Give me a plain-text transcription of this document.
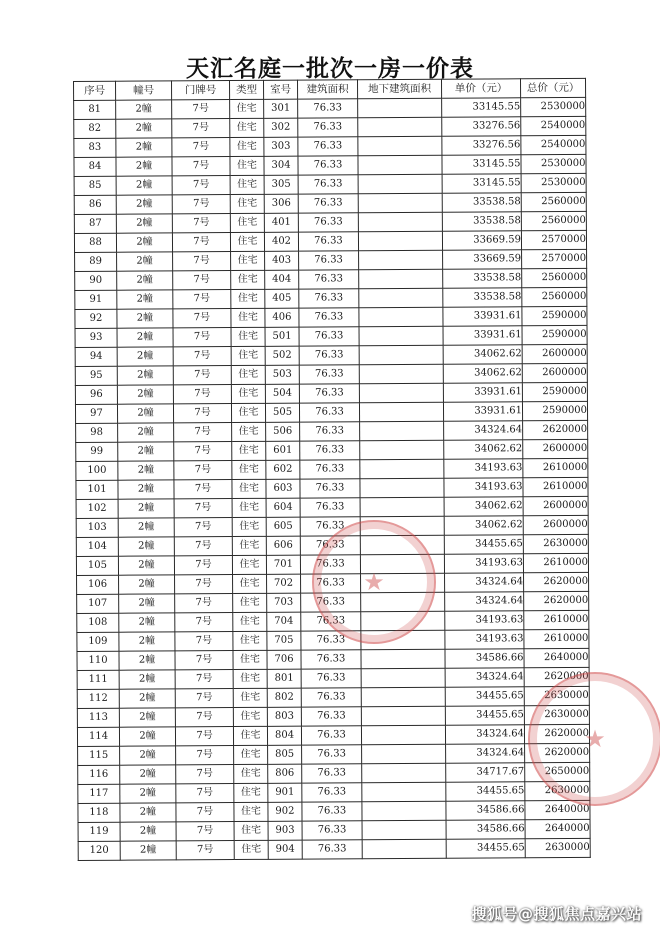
天汇名庭一批次一房一价表
序号	幢号	门牌号	类型	室号	建筑面积	地下建筑面积	单价（元）	总价（元）
81	2幢	7号	住宅	301	76.33		33145.55	2530000
82	2幢	7号	住宅	302	76.33		33276.56	2540000
83	2幢	7号	住宅	303	76.33		33276.56	2540000
84	2幢	7号	住宅	304	76.33		33145.55	2530000
85	2幢	7号	住宅	305	76.33		33145.55	2530000
86	2幢	7号	住宅	306	76.33		33538.58	2560000
87	2幢	7号	住宅	401	76.33		33538.58	2560000
88	2幢	7号	住宅	402	76.33		33669.59	2570000
89	2幢	7号	住宅	403	76.33		33669.59	2570000
90	2幢	7号	住宅	404	76.33		33538.58	2560000
91	2幢	7号	住宅	405	76.33		33538.58	2560000
92	2幢	7号	住宅	406	76.33		33931.61	2590000
93	2幢	7号	住宅	501	76.33		33931.61	2590000
94	2幢	7号	住宅	502	76.33		34062.62	2600000
95	2幢	7号	住宅	503	76.33		34062.62	2600000
96	2幢	7号	住宅	504	76.33		33931.61	2590000
97	2幢	7号	住宅	505	76.33		33931.61	2590000
98	2幢	7号	住宅	506	76.33		34324.64	2620000
99	2幢	7号	住宅	601	76.33		34062.62	2600000
100	2幢	7号	住宅	602	76.33		34193.63	2610000
101	2幢	7号	住宅	603	76.33		34193.63	2610000
102	2幢	7号	住宅	604	76.33		34062.62	2600000
103	2幢	7号	住宅	605	76.33		34062.62	2600000
104	2幢	7号	住宅	606	76.33		34455.65	2630000
105	2幢	7号	住宅	701	76.33		34193.63	2610000
106	2幢	7号	住宅	702	76.33		34324.64	2620000
107	2幢	7号	住宅	703	76.33		34324.64	2620000
108	2幢	7号	住宅	704	76.33		34193.63	2610000
109	2幢	7号	住宅	705	76.33		34193.63	2610000
110	2幢	7号	住宅	706	76.33		34586.66	2640000
111	2幢	7号	住宅	801	76.33		34324.64	2620000
112	2幢	7号	住宅	802	76.33		34455.65	2630000
113	2幢	7号	住宅	803	76.33		34455.65	2630000
114	2幢	7号	住宅	804	76.33		34324.64	2620000
115	2幢	7号	住宅	805	76.33		34324.64	2620000
116	2幢	7号	住宅	806	76.33		34717.67	2650000
117	2幢	7号	住宅	901	76.33		34455.65	2630000
118	2幢	7号	住宅	902	76.33		34586.66	2640000
119	2幢	7号	住宅	903	76.33		34586.66	2640000
120	2幢	7号	住宅	904	76.33		34455.65	2630000
★
★
搜狐号@搜狐焦点嘉兴站
